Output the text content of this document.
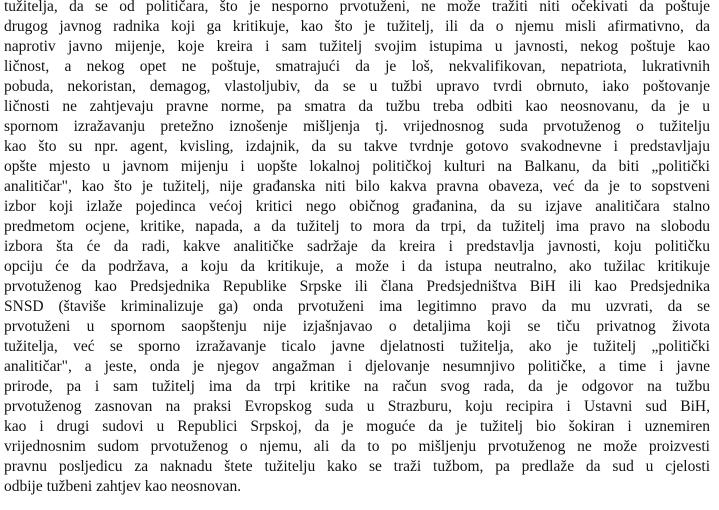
tužitelja, da se od političara, što je nesporno prvotuženi, ne može tražiti niti očekivati da poštuje
drugog javnog radnika koji ga kritikuje, kao što je tužitelj, ili da o njemu misli afirmativno, da
naprotiv javno mijenje, koje kreira i sam tužitelj svojim istupima u javnosti, nekog poštuje kao
ličnost, a nekog opet ne poštuje, smatrajući da je loš, nekvalifikovan, nepatriota, lukrativnih
pobuda, nekoristan, demagog, vlastoljubiv, da se u tužbi upravo tvrdi obrnuto, iako poštovanje
ličnosti ne zahtjevaju pravne norme, pa smatra da tužbu treba odbiti kao neosnovanu, da je u
spornom izražavanju pretežno iznošenje mišljenja tj. vrijednosnog suda prvotuženog o tužitelju
kao što su npr. agent, kvisling, izdajnik, da su takve tvrdnje gotovo svakodnevne i predstavljaju
opšte mjesto u javnom mijenju i uopšte lokalnoj političkoj kulturi na Balkanu, da biti „politički
analitičar", kao što je tužitelj, nije građanska niti bilo kakva pravna obaveza, već da je to sopstveni
izbor koji izlaže pojedinca većoj kritici nego običnog građanina, da su izjave analitičara stalno
predmetom ocjene, kritike, napada, a da tužitelj to mora da trpi, da tužitelj ima pravo na slobodu
izbora šta će da radi, kakve analitičke sadržaje da kreira i predstavlja javnosti, koju političku
opciju će da podržava, a koju da kritikuje, a može i da istupa neutralno, ako tužilac kritikuje
prvotuženog kao Predsjednika Republike Srpske ili člana Predsjedništva BiH ili kao Predsjednika
SNSD (štaviše kriminalizuje ga) onda prvotuženi ima legitimno pravo da mu uzvrati, da se
prvotuženi u spornom saopštenju nije izjašnjavao o detaljima koji se tiču privatnog života
tužitelja, već se sporno izražavanje ticalo javne djelatnosti tužitelja, ako je tužitelj „politički
analitičar", a jeste, onda je njegov angažman i djelovanje nesumnjivo političke, a time i javne
prirode, pa i sam tužitelj ima da trpi kritike na račun svog rada, da je odgovor na tužbu
prvotuženog zasnovan na praksi Evropskog suda u Strazburu, koju recipira i Ustavni sud BiH,
kao i drugi sudovi u Republici Srpskoj, da je moguće da je tužitelj bio šokiran i uznemiren
vrijednosnim sudom prvotuženog o njemu, ali da to po mišljenju prvotuženog ne može proizvesti
pravnu posljedicu za naknadu štete tužitelju kako se traži tužbom, pa predlaže da sud u cjelosti
odbije tužbeni zahtjev kao neosnovan.
